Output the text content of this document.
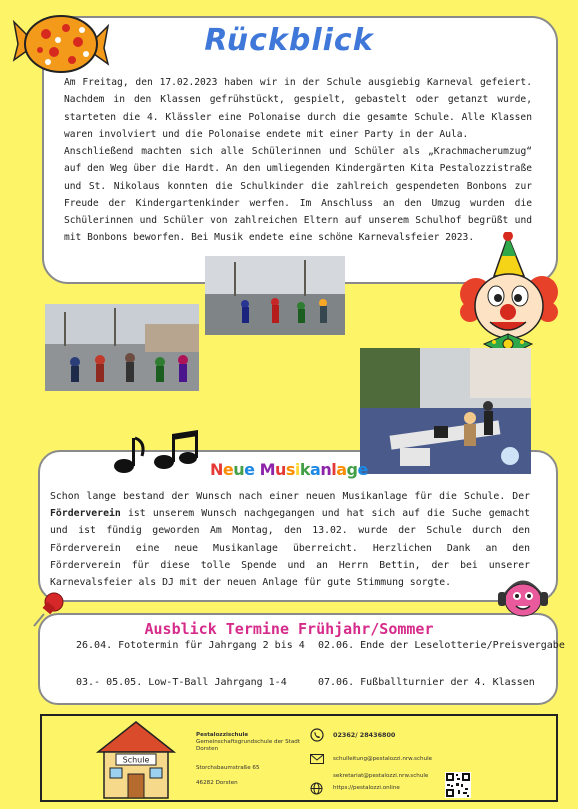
Rückblick

Am Freitag, den 17.02.2023 haben wir in der Schule ausgiebig Karneval gefeiert. Nachdem in den Klassen gefrühstückt, gespielt, gebastelt oder getanzt wurde, starteten die 4. Klässler eine Polonaise durch die gesamte Schule. Alle Klassen waren involviert und die Polonaise endete mit einer Party in der Aula.

Anschließend machten sich alle Schülerinnen und Schüler als „Krachmacherumzug“ auf den Weg über die Hardt. An den umliegenden Kindergärten Kita Pestalozzistraße und St. Nikolaus konnten die Schulkinder die zahlreich gespendeten Bonbons zur Freude der Kindergartenkinder werfen. Im Anschluss an den Umzug wurden die Schülerinnen und Schüler von zahlreichen Eltern auf unserem Schulhof begrüßt und mit Bonbons beworfen. Bei Musik endete eine schöne Karnevalsfeier 2023.

Neue Musikanlage

Schon lange bestand der Wunsch nach einer neuen Musikanlage für die Schule. Der Förderverein ist unserem Wunsch nachgegangen und hat sich auf die Suche gemacht und ist fündig geworden Am Montag, den 13.02. wurde der Schule durch den Förderverein eine neue Musikanlage überreicht. Herzlichen Dank an den Förderverein für diese tolle Spende und an Herrn Bettin, der bei unserer Karnevalsfeier als DJ mit der neuen Anlage für gute Stimmung sorgte.

Ausblick Termine Frühjahr/Sommer
26.04. Fototermin für Jahrgang 2 bis 4 02.06. Ende der Leselotterie/Preisvergabe
03.- 05.05. Low-T-Ball Jahrgang 1-4	07.06. Fußballturnier der 4. Klassen
Schule
Pestalozzischule
Gemeinschaftsgrundschule der Stadt
Dorsten
Storchsbaumstraße 65
46282 Dorsten
02362/ 28436800
schulleitung@pestalozzi.nrw.schule
sekretariat@pestalozzi.nrw.schule
https://pestalozzi.online
